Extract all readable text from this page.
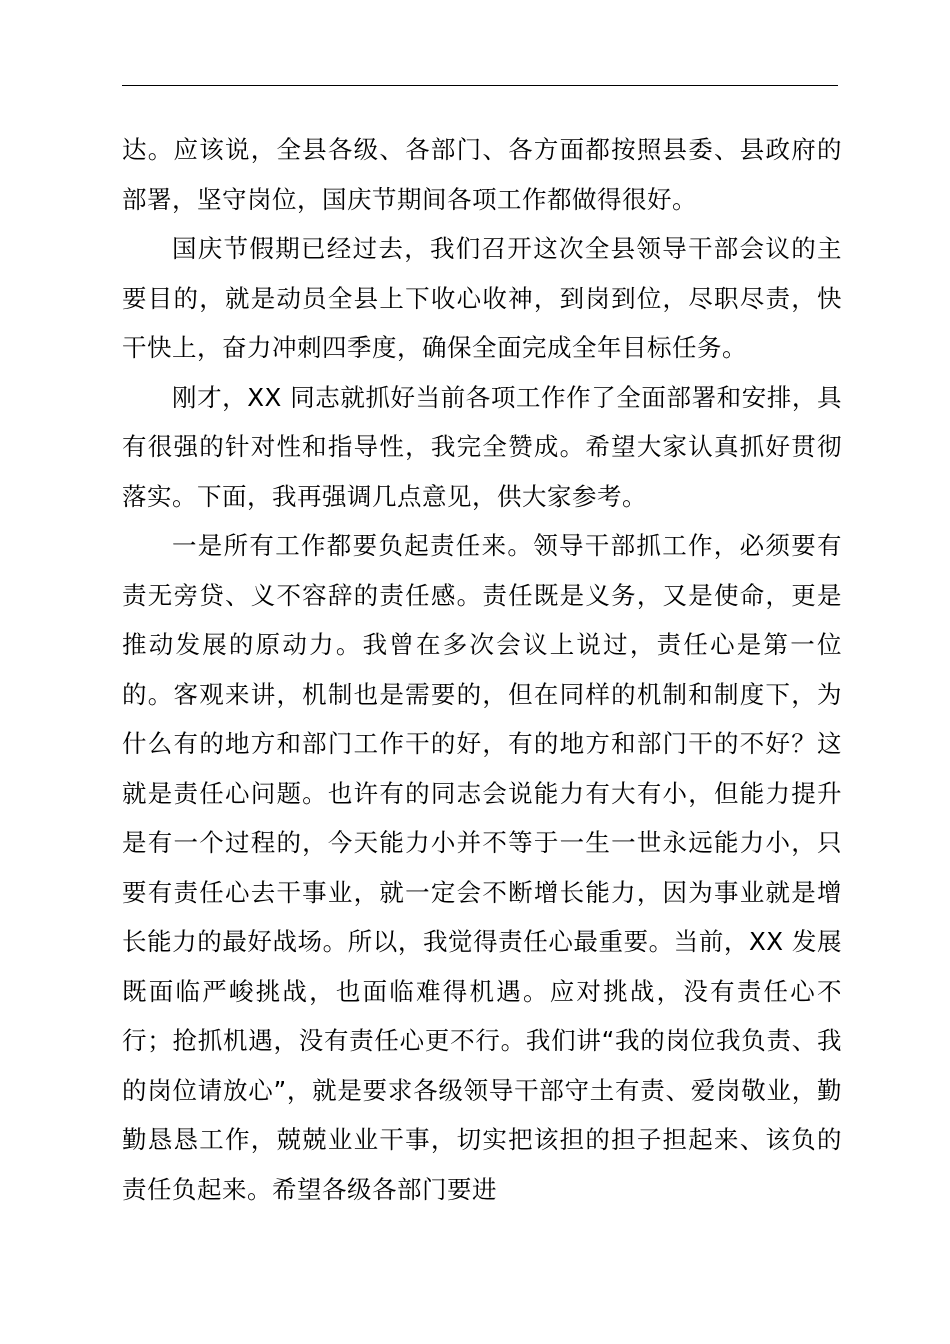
达。应该说，全县各级、各部门、各方面都按照县委、县政府的部署，坚守岗位，国庆节期间各项工作都做得很好。

国庆节假期已经过去，我们召开这次全县领导干部会议的主要目的，就是动员全县上下收心收神，到岗到位，尽职尽责，快干快上，奋力冲刺四季度，确保全面完成全年目标任务。

刚才，XX 同志就抓好当前各项工作作了全面部署和安排，具有很强的针对性和指导性，我完全赞成。希望大家认真抓好贯彻落实。下面，我再强调几点意见，供大家参考。

一是所有工作都要负起责任来。领导干部抓工作，必须要有责无旁贷、义不容辞的责任感。责任既是义务，又是使命，更是推动发展的原动力。我曾在多次会议上说过，责任心是第一位的。客观来讲，机制也是需要的，但在同样的机制和制度下，为什么有的地方和部门工作干的好，有的地方和部门干的不好？这就是责任心问题。也许有的同志会说能力有大有小，但能力提升是有一个过程的，今天能力小并不等于一生一世永远能力小，只要有责任心去干事业，就一定会不断增长能力，因为事业就是增长能力的最好战场。所以，我觉得责任心最重要。当前，XX 发展既面临严峻挑战，也面临难得机遇。应对挑战，没有责任心不行；抢抓机遇，没有责任心更不行。我们讲“我的岗位我负责、我的岗位请放心”，就是要求各级领导干部守土有责、爱岗敬业，勤勤恳恳工作，兢兢业业干事，切实把该担的担子担起来、该负的责任负起来。希望各级各部门要进
